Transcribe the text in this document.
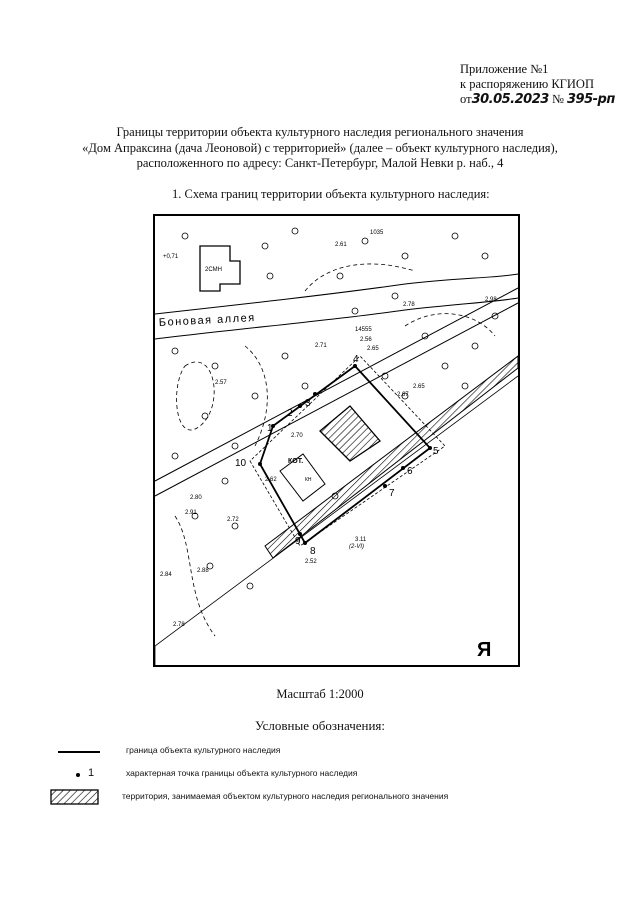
Приложение №1
к распоряжению КГИОП
от30.05.2023 № 395-рп
Границы территории объекта культурного наследия регионального значения
«Дом Апраксина (дача Леоновой) с территорией» (далее – объект культурного наследия),
расположенного по адресу: Санкт-Петербург, Малой Невки р. наб., 4
1. Схема границ территории объекта культурного наследия:
Боновая аллея
2СМН
КОТ.
КН
(2-VI)
Я
+0,71
2.61
1035
2.78
2.98
14555
2.56
2.65
2.71
2.57
2.67
2.65
2.70
2.62
2.80
2.72
2.91
2.88
2.84
2.78
3.11
2.52
1
2
3
4
5
6
7
8
9
10
Масштаб 1:2000
Условные обозначения:
граница объекта культурного наследия
1	характерная точка границы объекта культурного наследия
территория, занимаемая объектом культурного наследия регионального значения
